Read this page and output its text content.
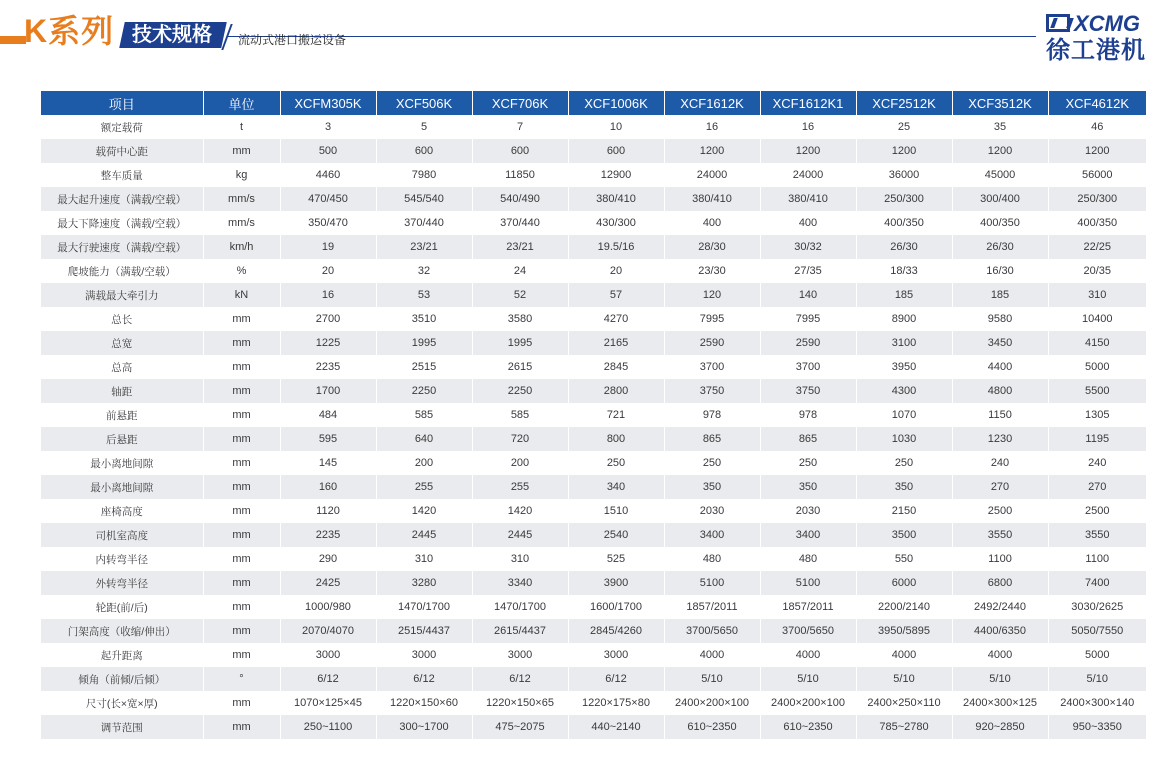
K系列 技术规格	流动式港口搬运设备
XCMG
徐工港机
项目	单位	XCFM305K	XCF506K	XCF706K	XCF1006K	XCF1612K	XCF1612K1	XCF2512K	XCF3512K	XCF4612K
额定载荷	t	3	5	7	10	16	16	25	35	46
载荷中心距	mm	500	600	600	600	1200	1200	1200	1200	1200
整车质量	kg	4460	7980	11850	12900	24000	24000	36000	45000	56000
最大起升速度（满载/空载）	mm/s	470/450	545/540	540/490	380/410	380/410	380/410	250/300	300/400	250/300
最大下降速度（满载/空载）	mm/s	350/470	370/440	370/440	430/300	400	400	400/350	400/350	400/350
最大行驶速度（满载/空载）	km/h	19	23/21	23/21	19.5/16	28/30	30/32	26/30	26/30	22/25
爬坡能力（满载/空载）	%	20	32	24	20	23/30	27/35	18/33	16/30	20/35
满载最大牵引力	kN	16	53	52	57	120	140	185	185	310
总长	mm	2700	3510	3580	4270	7995	7995	8900	9580	10400
总宽	mm	1225	1995	1995	2165	2590	2590	3100	3450	4150
总高	mm	2235	2515	2615	2845	3700	3700	3950	4400	5000
轴距	mm	1700	2250	2250	2800	3750	3750	4300	4800	5500
前悬距	mm	484	585	585	721	978	978	1070	1150	1305
后悬距	mm	595	640	720	800	865	865	1030	1230	1195
最小离地间隙	mm	145	200	200	250	250	250	250	240	240
最小离地间隙	mm	160	255	255	340	350	350	350	270	270
座椅高度	mm	1120	1420	1420	1510	2030	2030	2150	2500	2500
司机室高度	mm	2235	2445	2445	2540	3400	3400	3500	3550	3550
内转弯半径	mm	290	310	310	525	480	480	550	1100	1100
外转弯半径	mm	2425	3280	3340	3900	5100	5100	6000	6800	7400
轮距(前/后)	mm	1000/980	1470/1700	1470/1700	1600/1700	1857/2011	1857/2011	2200/2140	2492/2440	3030/2625
门架高度（收缩/伸出）	mm	2070/4070	2515/4437	2615/4437	2845/4260	3700/5650	3700/5650	3950/5895	4400/6350	5050/7550
起升距离	mm	3000	3000	3000	3000	4000	4000	4000	4000	5000
倾角（前倾/后倾）	°	6/12	6/12	6/12	6/12	5/10	5/10	5/10	5/10	5/10
尺寸(长×宽×厚)	mm	1070×125×45	1220×150×60	1220×150×65	1220×175×80	2400×200×100	2400×200×100	2400×250×110	2400×300×125	2400×300×140
调节范围	mm	250~1100	300~1700	475~2075	440~2140	610~2350	610~2350	785~2780	920~2850	950~3350
